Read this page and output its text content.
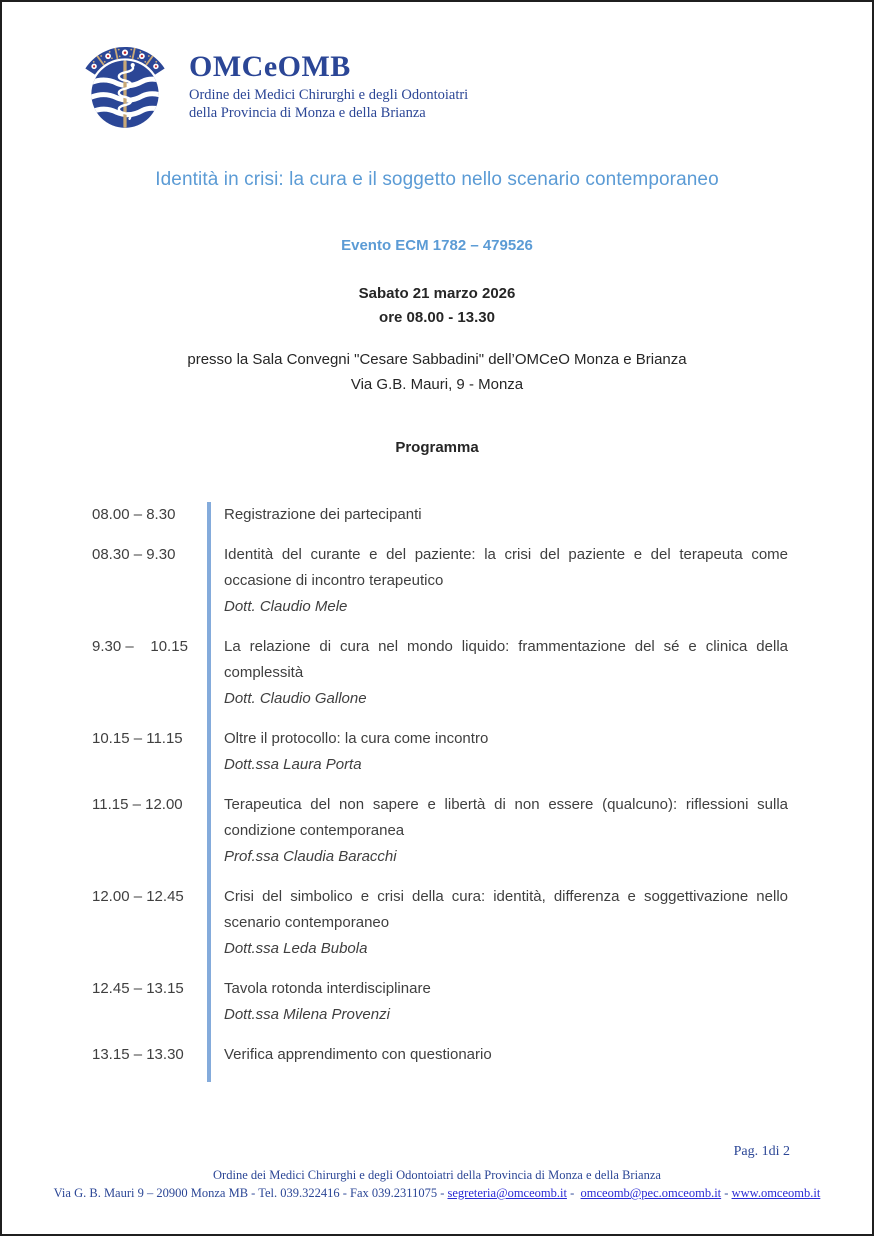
OMCeOMB
Ordine dei Medici Chirurghi e degli Odontoiatri
della Provincia di Monza e della Brianza
Identità in crisi: la cura e il soggetto nello scenario contemporaneo
Evento ECM 1782 – 479526
Sabato 21 marzo 2026
ore 08.00 - 13.30
presso la Sala Convegni "Cesare Sabbadini" dell’OMCeO Monza e Brianza
Via G.B. Mauri, 9 - Monza
Programma
08.00 – 8.30	Registrazione dei partecipanti

08.30 – 9.30	Identità del curante e del paziente: la crisi del paziente e del terapeuta come occasione di incontro terapeutico

Dott. Claudio Mele

9.30 –    10.15	La relazione di cura nel mondo liquido: frammentazione del sé e clinica della complessità

Dott. Claudio Gallone

10.15 – 11.15	Oltre il protocollo: la cura come incontro

Dott.ssa Laura Porta

11.15 – 12.00	Terapeutica del non sapere e libertà di non essere (qualcuno): riflessioni sulla condizione contemporanea

Prof.ssa Claudia Baracchi

12.00 – 12.45	Crisi del simbolico e crisi della cura: identità, differenza e soggettivazione nello scenario contemporaneo

Dott.ssa Leda Bubola

12.45 – 13.15	Tavola rotonda interdisciplinare

Dott.ssa Milena Provenzi

13.15 – 13.30	Verifica apprendimento con questionario

Pag. 1di 2
Ordine dei Medici Chirurghi e degli Odontoiatri della Provincia di Monza e della Brianza
Via G. B. Mauri 9 – 20900 Monza MB - Tel. 039.322416 - Fax 039.2311075 - segreteria@omceomb.it -  omceomb@pec.omceomb.it - www.omceomb.it
